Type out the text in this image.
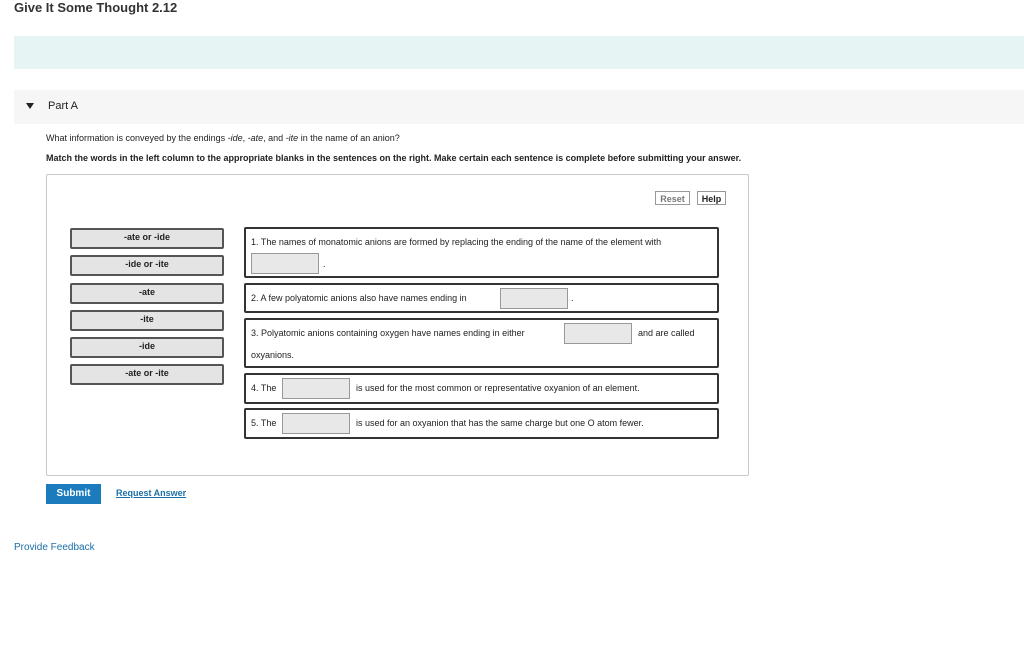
Give It Some Thought 2.12
Part A
What information is conveyed by the endings -ide, -ate, and -ite in the name of an anion?
Match the words in the left column to the appropriate blanks in the sentences on the right. Make certain each sentence is complete before submitting your answer.
Reset	Help
-ate or -ide
-ide or -ite
-ate
-ite
-ide
-ate or -ite
1. The names of monatomic anions are formed by replacing the ending of the name of the element with
.
2. A few polyatomic anions also have names ending in	.
3. Polyatomic anions containing oxygen have names ending in either	and are called
oxyanions.
4. The	is used for the most common or representative oxyanion of an element.
5. The	is used for an oxyanion that has the same charge but one O atom fewer.
Submit	Request Answer
Provide Feedback
